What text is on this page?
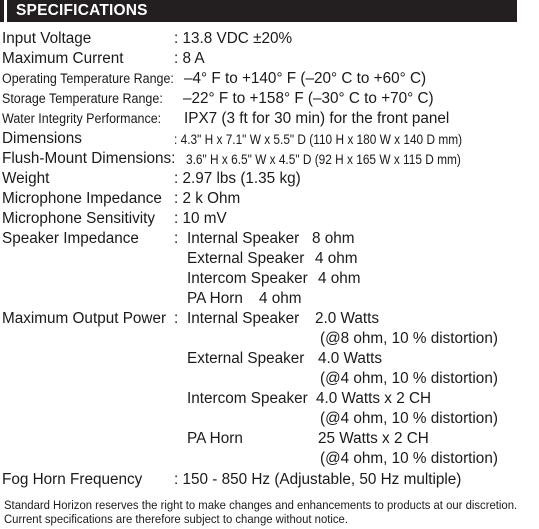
SPECIFICATIONS
Input Voltage	: 13.8 VDC ±20%
Maximum Current	: 8 A
Operating Temperature Range: –4° F to +140° F (–20° C to +60° C)
Storage Temperature Range: –22° F to +158° F (–30° C to +70° C)
Water Integrity Performance: IPX7 (3 ft for 30 min) for the front panel
Dimensions	: 4.3" H x 7.1" W x 5.5" D (110 H x 180 W x 140 D mm)
Flush-Mount Dimensions: 3.6" H x 6.5" W x 4.5" D (92 H x 165 W x 115 D mm)
Weight	: 2.97 lbs (1.35 kg)
Microphone Impedance : 2 k Ohm
Microphone Sensitivity : 10 mV
Speaker Impedance : Internal Speaker 8 ohm
External Speaker 4 ohm
Intercom Speaker 4 ohm
PA Horn 4 ohm
Maximum Output Power : Internal Speaker 2.0 Watts
(@8 ohm, 10 % distortion)
External Speaker 4.0 Watts
(@4 ohm, 10 % distortion)
Intercom Speaker 4.0 Watts x 2 CH
(@4 ohm, 10 % distortion)
PA Horn	25 Watts x 2 CH
(@4 ohm, 10 % distortion)
Fog Horn Frequency : 150 - 850 Hz (Adjustable, 50 Hz multiple)
Standard Horizon reserves the right to make changes and enhancements to products at our discretion.
Current specifications are therefore subject to change without notice.
